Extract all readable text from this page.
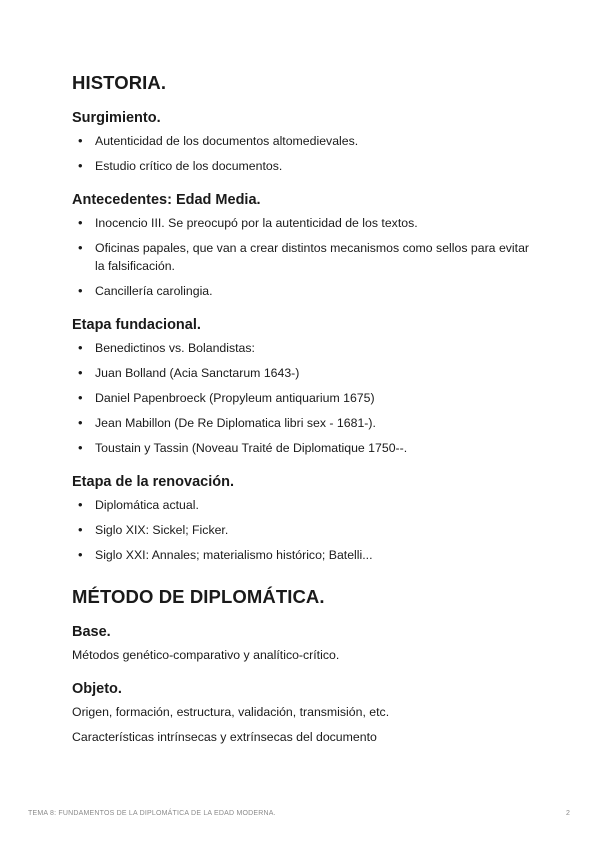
HISTORIA.
Surgimiento.
• Autenticidad de los documentos altomedievales.
• Estudio crítico de los documentos.
Antecedentes: Edad Media.
• Inocencio III. Se preocupó por la autenticidad de los textos.
• Oficinas papales, que van a crear distintos mecanismos como sellos para evitar la falsificación.
• Cancillería carolingia.
Etapa fundacional.
• Benedictinos vs. Bolandistas:
• Juan Bolland (Acia Sanctarum 1643-)
• Daniel Papenbroeck (Propyleum antiquarium 1675)
• Jean Mabillon (De Re Diplomatica libri sex - 1681-).
• Toustain y Tassin (Noveau Traité de Diplomatique 1750--.
Etapa de la renovación.
• Diplomática actual.
• Siglo XIX: Sickel; Ficker.
• Siglo XXI: Annales; materialismo histórico; Batelli...
MÉTODO DE DIPLOMÁTICA.
Base.

Métodos genético-comparativo y analítico-crítico.

Objeto.

Origen, formación, estructura, validación, transmisión, etc.

Características intrínsecas y extrínsecas del documento

TEMA 8: FUNDAMENTOS DE LA DIPLOMÁTICA DE LA EDAD MODERNA.	2
